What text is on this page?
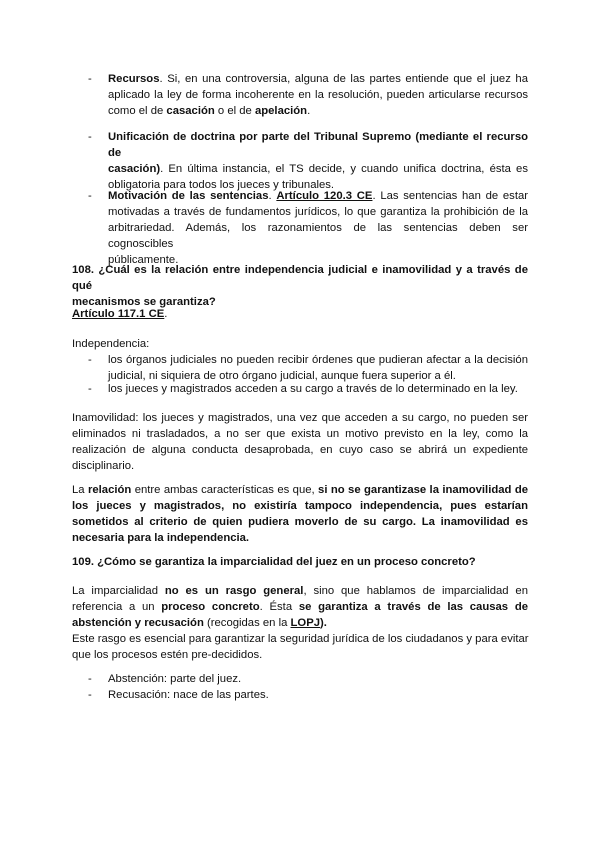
-	Recursos. Si, en una controversia, alguna de las partes entiende que el juez ha
aplicado la ley de forma incoherente en la resolución, pueden articularse recursos
como el de casación o el de apelación.
-	Unificación de doctrina por parte del Tribunal Supremo (mediante el recurso de
casación). En última instancia, el TS decide, y cuando unifica doctrina, ésta es
obligatoria para todos los jueces y tribunales.
-	Motivación de las sentencias. Artículo 120.3 CE. Las sentencias han de estar
motivadas a través de fundamentos jurídicos, lo que garantiza la prohibición de la
arbitrariedad. Además, los razonamientos de las sentencias deben ser cognoscibles
públicamente.
108. ¿Cuál es la relación entre independencia judicial e inamovilidad y a través de qué
mecanismos se garantiza?
Artículo 117.1 CE.
Independencia:
-	los órganos judiciales no pueden recibir órdenes que pudieran afectar a la decisión
judicial, ni siquiera de otro órgano judicial, aunque fuera superior a él.
-	los jueces y magistrados acceden a su cargo a través de lo determinado en la ley.
Inamovilidad: los jueces y magistrados, una vez que acceden a su cargo, no pueden ser
eliminados ni trasladados, a no ser que exista un motivo previsto en la ley, como la
realización de alguna conducta desaprobada, en cuyo caso se abrirá un expediente
disciplinario.
La relación entre ambas características es que, si no se garantizase la inamovilidad de
los jueces y magistrados, no existiría tampoco independencia, pues estarían
sometidos al criterio de quien pudiera moverlo de su cargo. La inamovilidad es
necesaria para la independencia.
109. ¿Cómo se garantiza la imparcialidad del juez en un proceso concreto?
La imparcialidad no es un rasgo general, sino que hablamos de imparcialidad en
referencia a un proceso concreto. Ésta se garantiza a través de las causas de
abstención y recusación (recogidas en la LOPJ).
Este rasgo es esencial para garantizar la seguridad jurídica de los ciudadanos y para evitar
que los procesos estén pre-decididos.
-	Abstención: parte del juez.
-	Recusación: nace de las partes.
